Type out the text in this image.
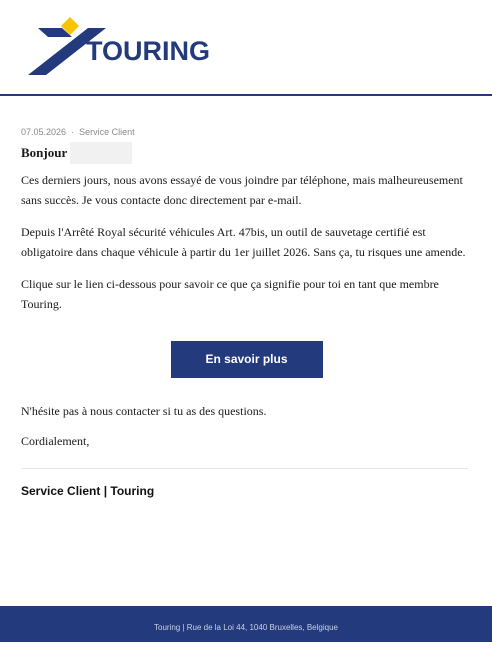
TOURING
07.05.2026  ·  Service Client
Bonjour

Ces derniers jours, nous avons essayé de vous joindre par téléphone, mais malheureusement sans succès. Je vous contacte donc directement par e-mail.

Depuis l'Arrêté Royal sécurité véhicules Art. 47bis, un outil de sauvetage certifié est obligatoire dans chaque véhicule à partir du 1er juillet 2026. Sans ça, tu risques une amende.

Clique sur le lien ci-dessous pour savoir ce que ça signifie pour toi en tant que membre Touring.

En savoir plus

N'hésite pas à nous contacter si tu as des questions.

Cordialement,

Service Client | Touring
Touring | Rue de la Loi 44, 1040 Bruxelles, Belgique
